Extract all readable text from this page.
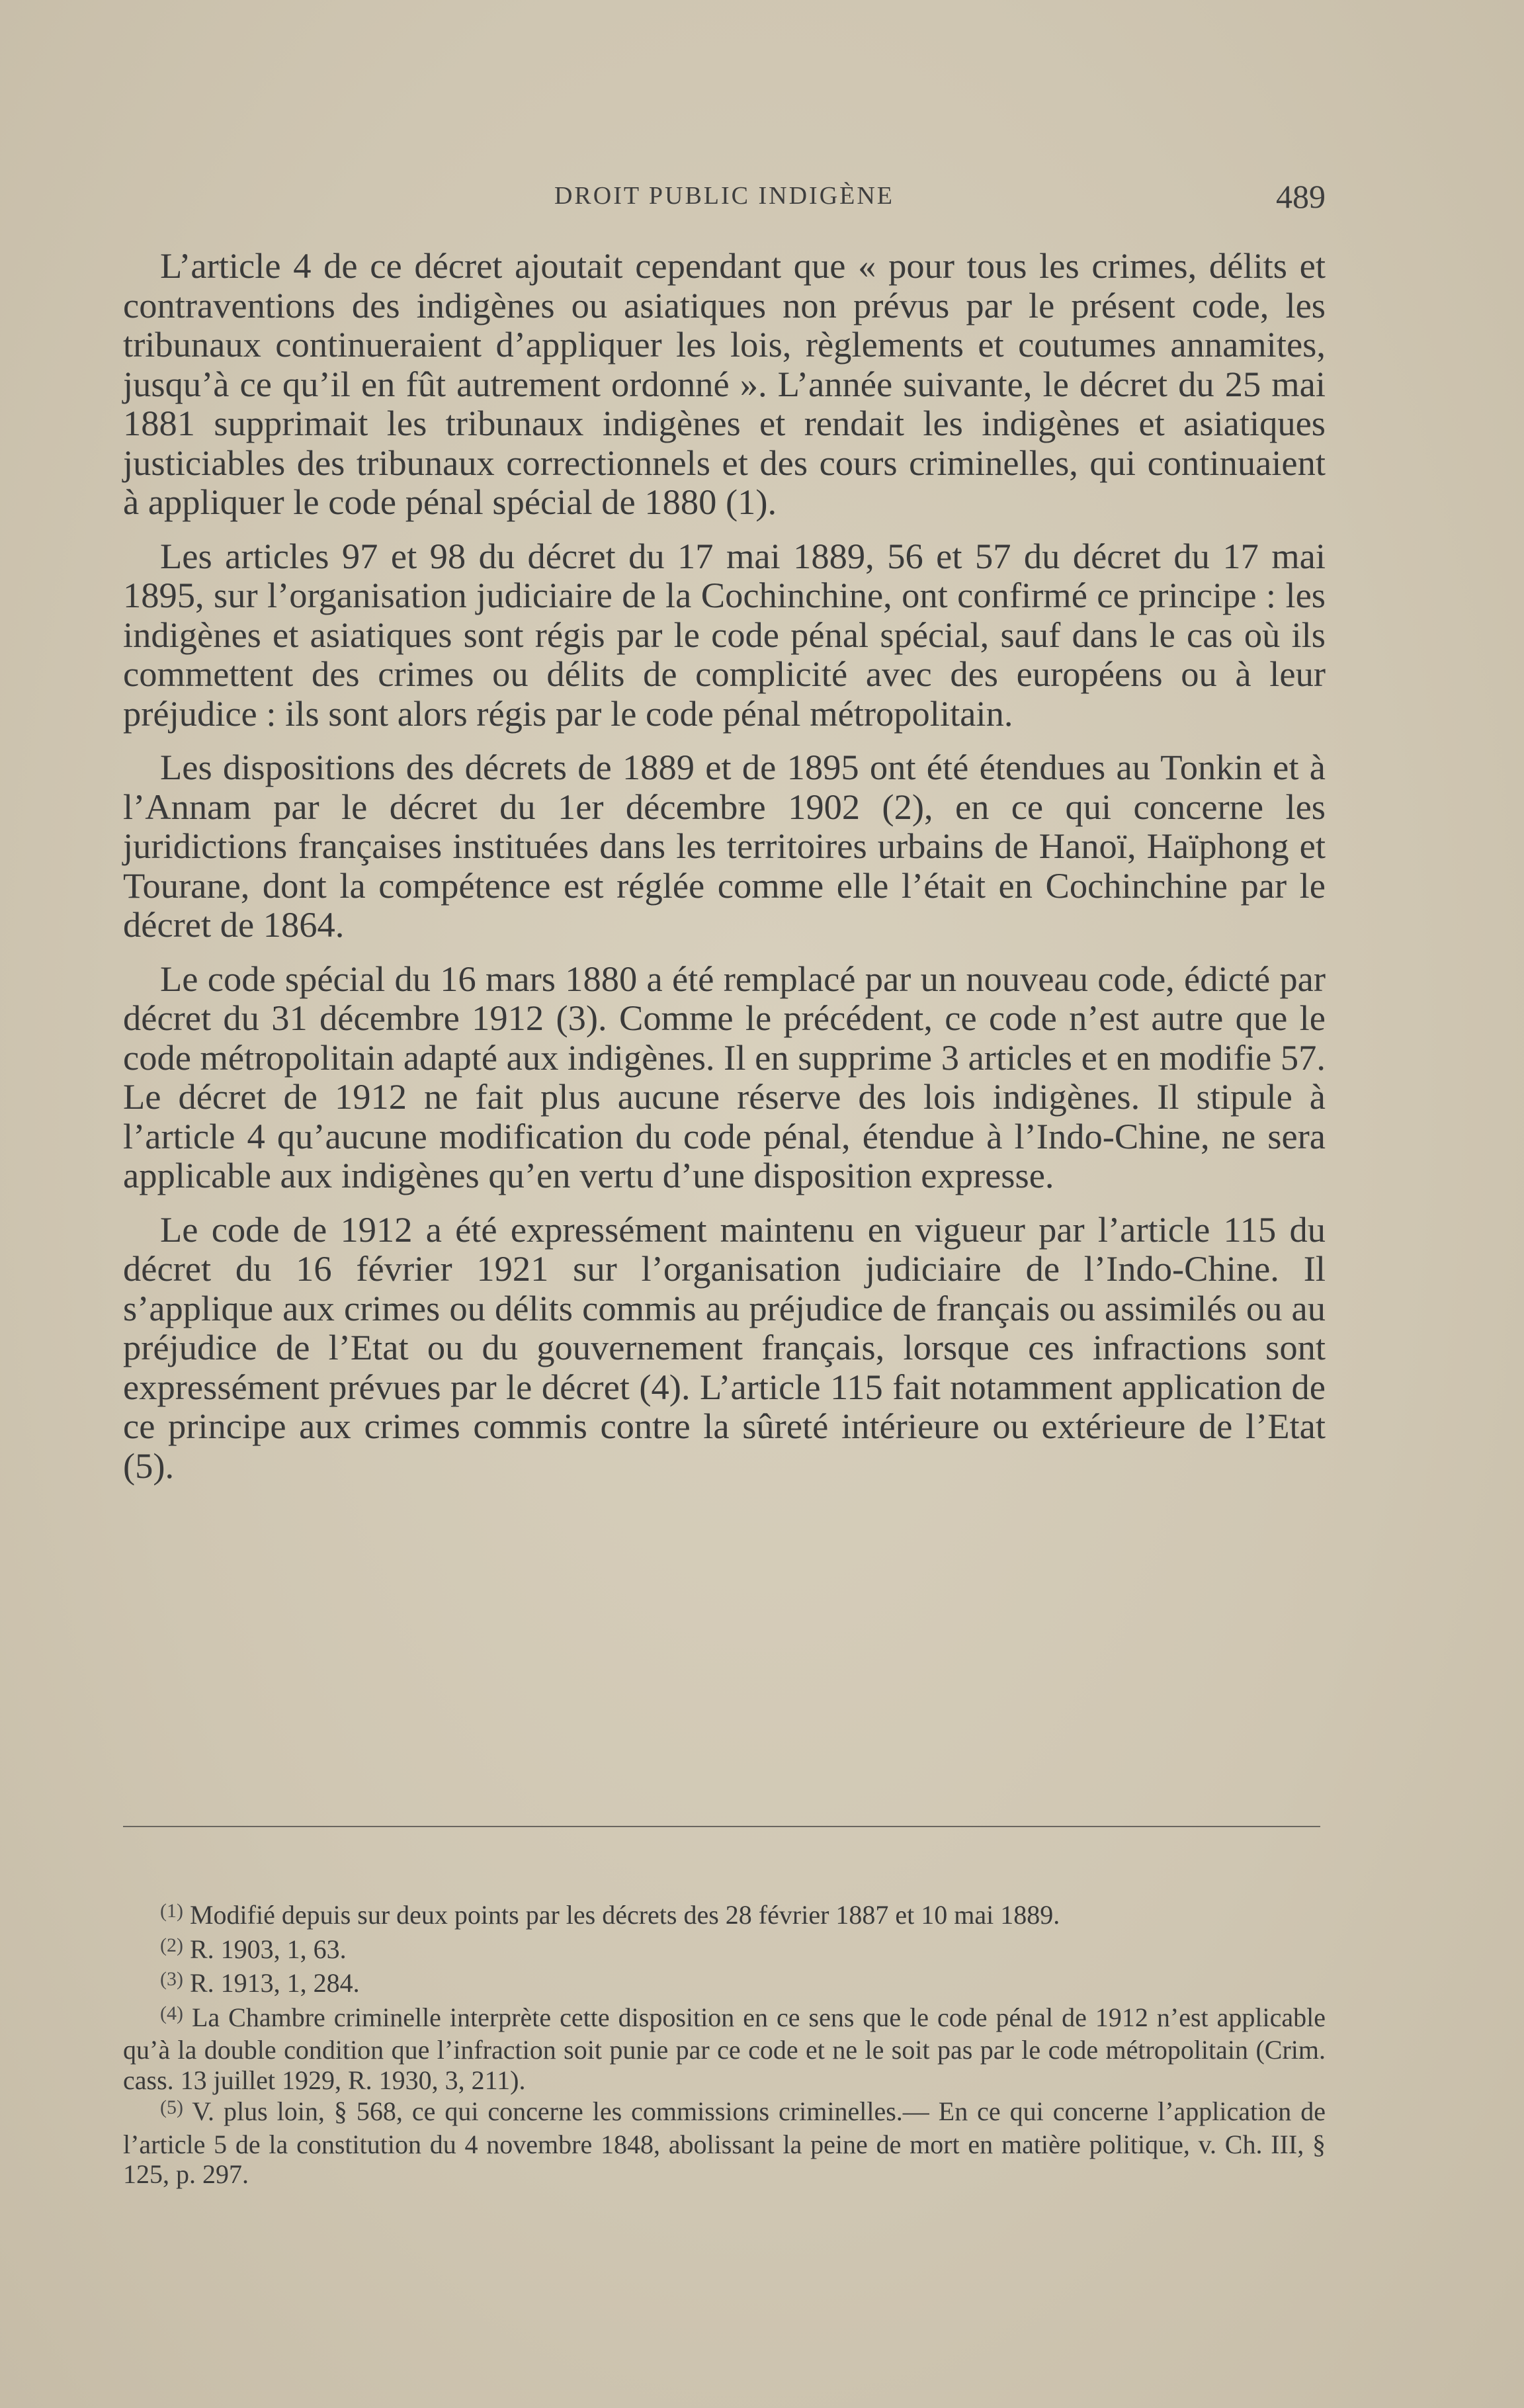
DROIT PUBLIC INDIGÈNE	489

L’article 4 de ce décret ajoutait cependant que « pour tous les crimes, délits et contraventions des indigènes ou asiatiques non prévus par le présent code, les tribunaux continueraient d’appliquer les lois, règlements et coutumes annamites, jusqu’à ce qu’il en fût autrement ordonné ». L’année suivante, le décret du 25 mai 1881 supprimait les tribunaux indigènes et rendait les indigènes et asiatiques justiciables des tribunaux correctionnels et des cours criminelles, qui continuaient à appliquer le code pénal spécial de 1880 (1).

Les articles 97 et 98 du décret du 17 mai 1889, 56 et 57 du décret du 17 mai 1895, sur l’organisation judiciaire de la Cochinchine, ont confirmé ce principe : les indigènes et asiatiques sont régis par le code pénal spécial, sauf dans le cas où ils commettent des crimes ou délits de complicité avec des européens ou à leur préjudice : ils sont alors régis par le code pénal métropolitain.

Les dispositions des décrets de 1889 et de 1895 ont été étendues au Tonkin et à l’Annam par le décret du 1er décembre 1902 (2), en ce qui concerne les juridictions françaises instituées dans les territoires urbains de Hanoï, Haïphong et Tourane, dont la compétence est réglée comme elle l’était en Cochinchine par le décret de 1864.

Le code spécial du 16 mars 1880 a été remplacé par un nouveau code, édicté par décret du 31 décembre 1912 (3). Comme le précédent, ce code n’est autre que le code métropolitain adapté aux indigènes. Il en supprime 3 articles et en modifie 57. Le décret de 1912 ne fait plus aucune réserve des lois indigènes. Il stipule à l’article 4 qu’aucune modification du code pénal, étendue à l’Indo-Chine, ne sera applicable aux indigènes qu’en vertu d’une disposition expresse.

Le code de 1912 a été expressément maintenu en vigueur par l’article 115 du décret du 16 février 1921 sur l’organisation judiciaire de l’Indo-Chine. Il s’applique aux crimes ou délits commis au préjudice de français ou assimilés ou au préjudice de l’Etat ou du gouvernement français, lorsque ces infractions sont expressément prévues par le décret (4). L’article 115 fait notamment application de ce principe aux crimes commis contre la sûreté intérieure ou extérieure de l’Etat (5).

$^{(1)}$ Modifié depuis sur deux points par les décrets des 28 février 1887 et 10 mai 1889.

$^{(2)}$ R. 1903, 1, 63.

$^{(3)}$ R. 1913, 1, 284.

$^{(4)}$ La Chambre criminelle interprète cette disposition en ce sens que le code pénal de 1912 n’est applicable qu’à la double condition que l’infraction soit punie par ce code et ne le soit pas par le code métropolitain (Crim. cass. 13 juillet 1929, R. 1930, 3, 211).

$^{(5)}$ V. plus loin, § 568, ce qui concerne les commissions criminelles.— En ce qui concerne l’application de l’article 5 de la constitution du 4 novembre 1848, abolissant la peine de mort en matière politique, v. Ch. III, § 125, p. 297.
